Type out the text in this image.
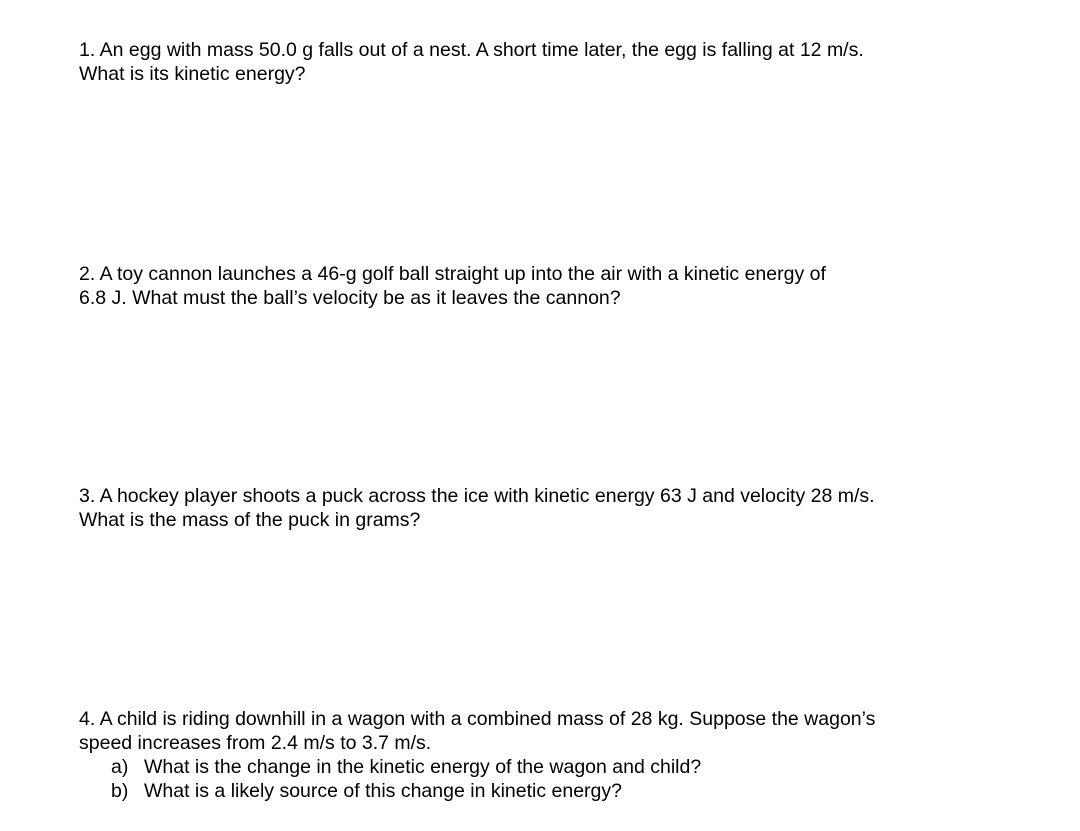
1. An egg with mass 50.0 g falls out of a nest. A short time later, the egg is falling at 12 m/s.
What is its kinetic energy?
2. A toy cannon launches a 46-g golf ball straight up into the air with a kinetic energy of
6.8 J. What must the ball’s velocity be as it leaves the cannon?
3. A hockey player shoots a puck across the ice with kinetic energy 63 J and velocity 28 m/s.
What is the mass of the puck in grams?
4. A child is riding downhill in a wagon with a combined mass of 28 kg. Suppose the wagon’s
speed increases from 2.4 m/s to 3.7 m/s.
a) What is the change in the kinetic energy of the wagon and child?
b) What is a likely source of this change in kinetic energy?
